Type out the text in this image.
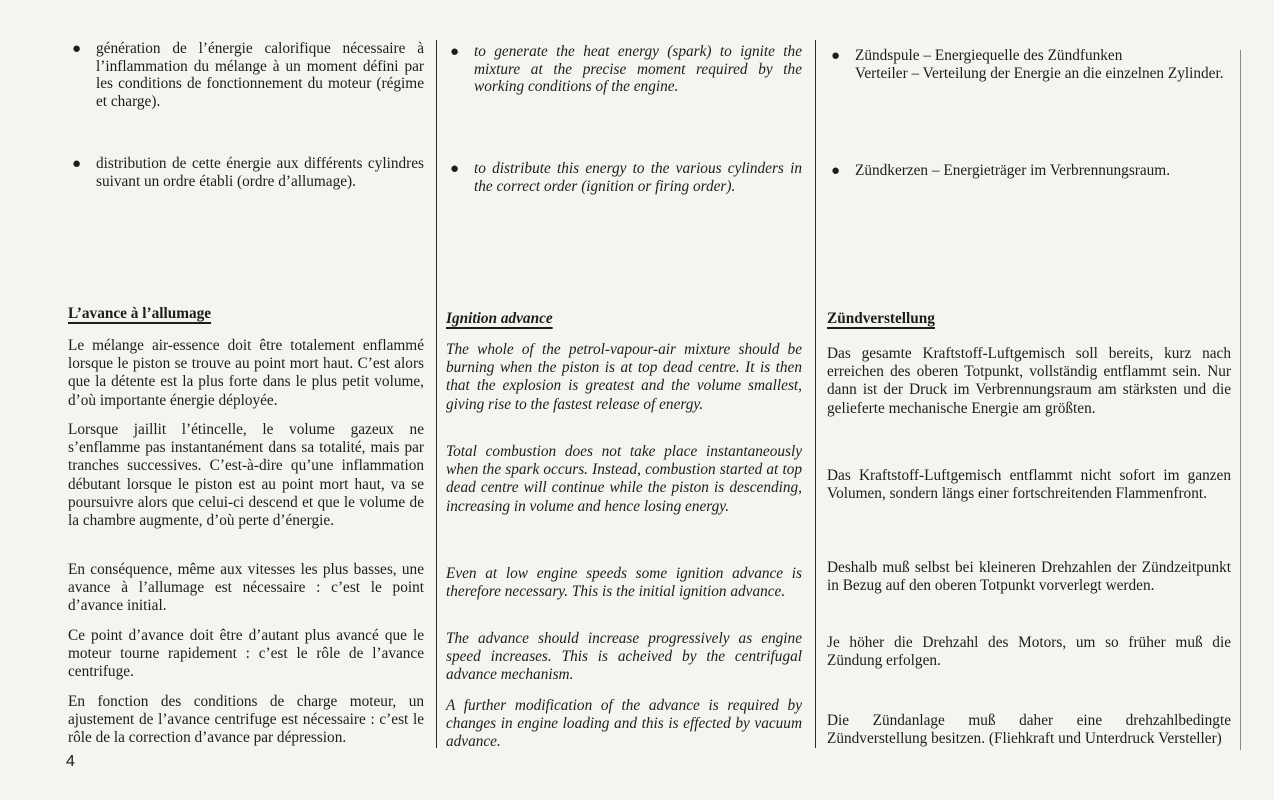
● génération de l’énergie calorifique nécessaire à l’inflammation du mélange à un moment défini par les conditions de fonctionnement du moteur (régime et charge).
● distribution de cette énergie aux différents cylindres suivant un ordre établi (ordre d’allumage).
L’avance à l’allumage

Le mélange air-essence doit être totalement enflammé lorsque le piston se trouve au point mort haut. C’est alors que la détente est la plus forte dans le plus petit volume, d’où importante énergie déployée.

Lorsque jaillit l’étincelle, le volume gazeux ne s’enflamme pas instantanément dans sa totalité, mais par tranches successives. C’est-à-dire qu’une inflammation débutant lorsque le piston est au point mort haut, va se poursuivre alors que celui-ci descend et que le volume de la chambre augmente, d’où perte d’énergie.

En conséquence, même aux vitesses les plus basses, une avance à l’allumage est nécessaire : c’est le point d’avance initial.

Ce point d’avance doit être d’autant plus avancé que le moteur tourne rapidement : c’est le rôle de l’avance centrifuge.

En fonction des conditions de charge moteur, un ajustement de l’avance centrifuge est nécessaire : c’est le rôle de la correction d’avance par dépression.

● to generate the heat energy (spark) to ignite the mixture at the precise moment required by the working conditions of the engine.
● to distribute this energy to the various cylinders in the correct order (ignition or firing order).
Ignition advance

The whole of the petrol-vapour-air mixture should be burning when the piston is at top dead centre. It is then that the explosion is greatest and the volume smallest, giving rise to the fastest release of energy.

Total combustion does not take place instantaneously when the spark occurs. Instead, combustion started at top dead centre will continue while the piston is descending, increasing in volume and hence losing energy.

Even at low engine speeds some ignition advance is therefore necessary. This is the initial ignition advance.

The advance should increase progressively as engine speed increases. This is acheived by the centrifugal advance mechanism.

A further modification of the advance is required by changes in engine loading and this is effected by vacuum advance.

● Zündspule – Energiequelle des Zündfunken
Verteiler – Verteilung der Energie an die einzelnen Zylinder.
● Zündkerzen – Energieträger im Verbrennungsraum.
Zündverstellung

Das gesamte Kraftstoff-Luftgemisch soll bereits, kurz nach erreichen des oberen Totpunkt, vollständig entflammt sein. Nur dann ist der Druck im Verbrennungsraum am stärksten und die gelieferte mechanische Energie am größten.

Das Kraftstoff-Luftgemisch entflammt nicht sofort im ganzen Volumen, sondern längs einer fortschreitenden Flammenfront.

Deshalb muß selbst bei kleineren Drehzahlen der Zündzeitpunkt in Bezug auf den oberen Totpunkt vorverlegt werden.

Je höher die Drehzahl des Motors, um so früher muß die Zündung erfolgen.

Die Zündanlage muß daher eine drehzahlbedingte Zündverstellung besitzen. (Fliehkraft und Unterdruck Versteller)

4
